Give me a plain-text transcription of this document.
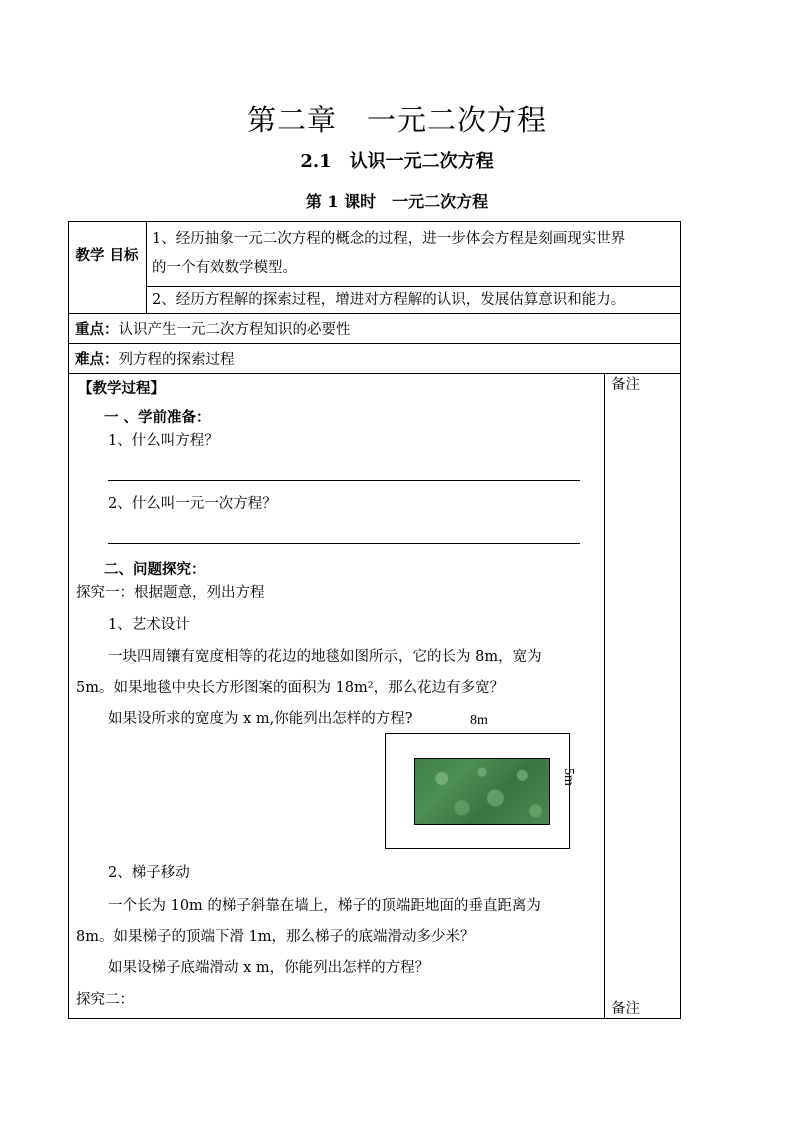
第二章　一元二次方程
2.1　认识一元二次方程
第 1 课时　一元二次方程
教学 目标
1、经历抽象一元二次方程的概念的过程，进一步体会方程是刻画现实世界
的一个有效数学模型。
2、经历方程解的探索过程，增进对方程解的认识，发展估算意识和能力。
重点：认识产生一元二次方程知识的必要性
难点：列方程的探索过程
备注
备注
【教学过程】
一 、学前准备：
1、什么叫方程？
2、什么叫一元一次方程？
二、问题探究：
探究一：根据题意，列出方程
1、艺术设计
一块四周镶有宽度相等的花边的地毯如图所示，它的长为 8m，宽为
5m。如果地毯中央长方形图案的面积为 18m²，那么花边有多宽？
如果设所求的宽度为 x m,你能列出怎样的方程?	8m
5m
2、梯子移动
一个长为 10m 的梯子斜靠在墙上，梯子的顶端距地面的垂直距离为
8m。如果梯子的顶端下滑 1m，那么梯子的底端滑动多少米？
如果设梯子底端滑动 x m，你能列出怎样的方程？
探究二：
